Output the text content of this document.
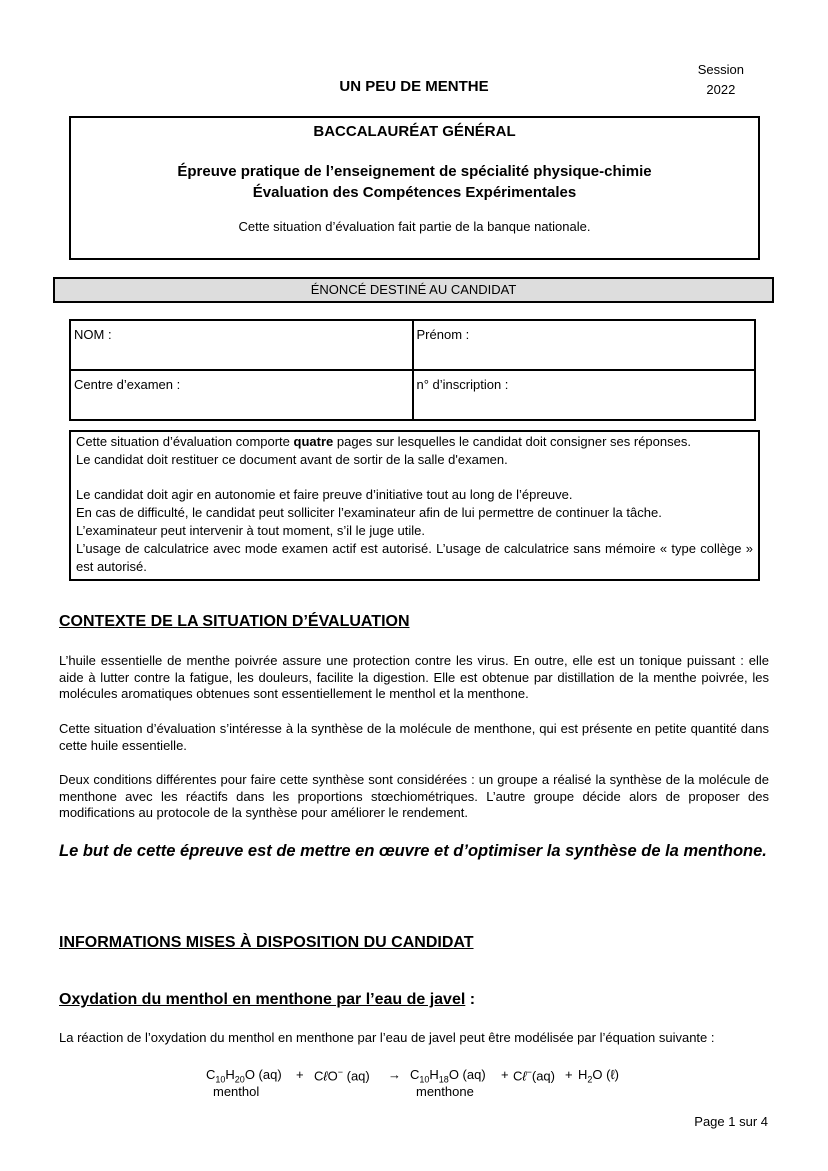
Session
2022
UN PEU DE MENTHE
BACCALAURÉAT GÉNÉRAL
Épreuve pratique de l’enseignement de spécialité physique-chimie
Évaluation des Compétences Expérimentales
Cette situation d’évaluation fait partie de la banque nationale.
ÉNONCÉ DESTINÉ AU CANDIDAT
NOM :	Prénom :
Centre d’examen :	n° d’inscription :

Cette situation d’évaluation comporte quatre pages sur lesquelles le candidat doit consigner ses réponses.

Le candidat doit restituer ce document avant de sortir de la salle d'examen.

Le candidat doit agir en autonomie et faire preuve d’initiative tout au long de l’épreuve.

En cas de difficulté, le candidat peut solliciter l’examinateur afin de lui permettre de continuer la tâche.

L’examinateur peut intervenir à tout moment, s’il le juge utile.

L’usage de calculatrice avec mode examen actif est autorisé. L’usage de calculatrice sans mémoire « type collège » est autorisé.

CONTEXTE DE LA SITUATION D’ÉVALUATION

L’huile essentielle de menthe poivrée assure une protection contre les virus. En outre, elle est un tonique puissant : elle aide à lutter contre la fatigue, les douleurs, facilite la digestion. Elle est obtenue par distillation de la menthe poivrée, les molécules aromatiques obtenues sont essentiellement le menthol et la menthone.

Cette situation d’évaluation s’intéresse à la synthèse de la molécule de menthone, qui est présente en petite quantité dans cette huile essentielle.

Deux conditions différentes pour faire cette synthèse sont considérées : un groupe a réalisé la synthèse de la molécule de menthone avec les réactifs dans les proportions stœchiométriques. L’autre groupe décide alors de proposer des modifications au protocole de la synthèse pour améliorer le rendement.

Le but de cette épreuve est de mettre en œuvre et d’optimiser la synthèse de la menthone.
INFORMATIONS MISES À DISPOSITION DU CANDIDAT
Oxydation du menthol en menthone par l’eau de javel :

La réaction de l’oxydation du menthol en menthone par l’eau de javel peut être modélisée par l’équation suivante :

$C_{10}H_{20}O$ (aq) + CℓO− $(aq) \to C_{10}H_{18}O$ (aq) + Cℓ−(aq) + $H_2O$ (ℓ)
menthol	menthone
Page 1 sur 4
